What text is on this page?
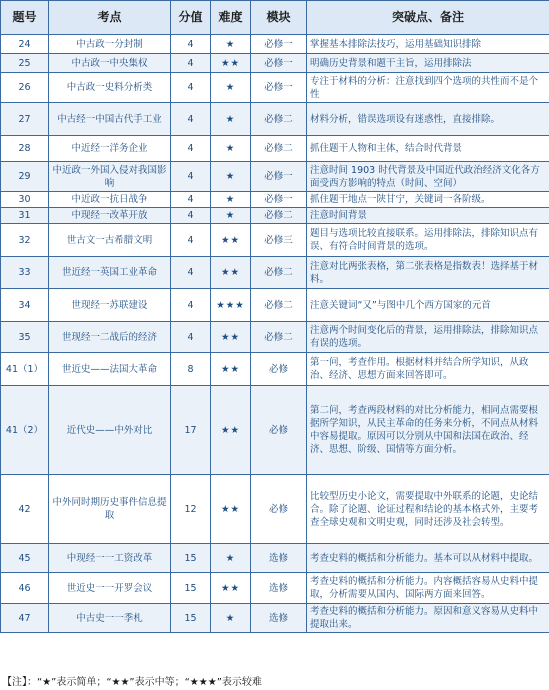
题号	考点	分值	难度	模块	突破点、备注
24	中古政一分封制	4	★	必修一	掌握基本排除法技巧，运用基础知识排除
25	中古政一中央集权	4	★★	必修一	明确历史背景和题干主旨，运用排除法
26	中古政一史料分析类	4	★	必修一	专注于材料的分析：注意找到四个选项的共性而不是个性
27	中古经一中国古代手工业	4	★	必修二	材料分析，错误选项设有迷惑性，直接排除。
28	中近经一洋务企业	4	★	必修二	抓住题干人物和主体，结合时代背景
29	中近政一外国入侵对我国影响	4	★	必修一	注意时间 1903 时代背景及中国近代政治经济文化各方面受西方影响的特点（时间、空间）
30	中近政一抗日战争	4	★	必修一	抓住题干地点一陕甘宁，关键词一各阶级。
31	中现经一改革开放	4	★	必修二	注意时间背景
32	世古文一古希腊文明	4	★★	必修三	题目与选项比较直接联系。运用排除法，排除知识点有误、有符合时间背景的选项。
33	世近经一英国工业革命	4	★★	必修二	注意对比两张表格，第二张表格是指数表！选择基于材料。
34	世现经一苏联建设	4	★★★	必修二	注意关键词“又”与图中几个西方国家的元首
35	世现经一二战后的经济	4	★★	必修二	注意两个时间变化后的背景，运用排除法，排除知识点有误的选项。
41（1）	世近史——法国大革命	8	★★	必修	第一问，考查作用。根据材料并结合所学知识，从政治、经济、思想方面来回答即可。
41（2）	近代史——中外对比	17	★★	必修	第二问，考查两段材料的对比分析能力，相同点需要根据所学知识，从民主革命的任务来分析，不同点从材料中容易提取。原因可以分别从中国和法国在政治、经济、思想、阶级、国情等方面分析。
42	中外同时期历史事件信息提取	12	★★	必修	比较型历史小论文，需要提取中外联系的论题，史论结合。除了论题、论证过程和结论的基本格式外，主要考查全球史观和文明史观，同时还涉及社会转型。
45	中现经一一工资改革	15	★	选修	考查史料的概括和分析能力。基本可以从材料中提取。
46	世近史一一开罗会议	15	★★	选修	考查史料的概括和分析能力。内容概括容易从史料中提取，分析需要从国内、国际两方面来回答。
47	中古史一一季札	15	★	选修	考查史料的概括和分析能力。原因和意义容易从史料中提取出来。
【注】：“★”表示简单；“★★”表示中等；“★★★”表示较难
